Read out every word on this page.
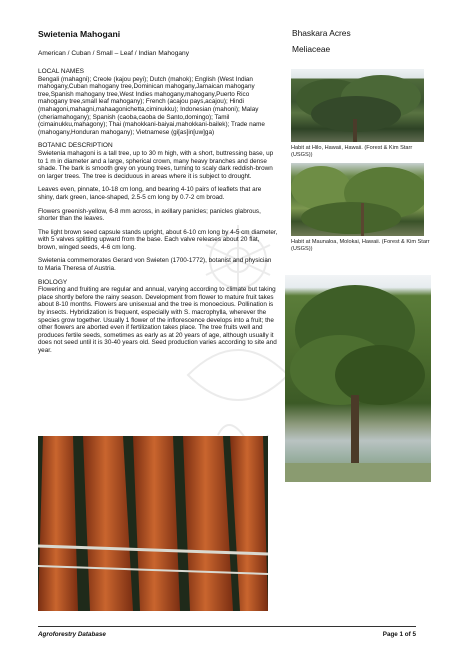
Swietenia Mahogani
American / Cuban / Small – Leaf / Indian Mahogany
Bhaskara Acres
Meliaceae
LOCAL NAMES

Bengali (mahagni); Creole (kajou peyi); Dutch (mahok); English (West Indian mahogany,Cuban mahogany tree,Dominican mahogany,Jamaican mahogany tree,Spanish mahogany tree,West Indies mahogany,mahogany,Puerto Rico mahogany tree,small leaf mahogany); French (acajou pays,acajou); Hindi (mahagoni,mahagni,mahaagonichetta,ciminukku); Indonesian (mahoni); Malay (cheriamahogany); Spanish (caoba,caoba de Santo,domingo); Tamil (cimainukku,mahagony); Thai (mahokkani-baiyai,mahokkani-bailek); Trade name (mahogany,Honduran mahogany); Vietnamese (gi[as]in[uw]ga)

BOTANIC DESCRIPTION

Swietenia mahagoni is a tall tree, up to 30 m high, with a short, buttressing base, up to 1 m in diameter and a large, spherical crown, many heavy branches and dense shade. The bark is smooth grey on young trees, turning to scaly dark reddish-brown on larger trees. The tree is deciduous in areas where it is subject to drought.

Leaves even, pinnate, 10-18 cm long, and bearing 4-10 pairs of leaflets that are shiny, dark green, lance-shaped, 2.5-5 cm long by 0.7-2 cm broad.

Flowers greenish-yellow, 6-8 mm across, in axillary panicles; panicles glabrous, shorter than the leaves.

The light brown seed capsule stands upright, about 6-10 cm long by 4-5 cm diameter, with 5 valves splitting upward from the base. Each valve releases about 20 flat, brown, winged seeds, 4-6 cm long.

Swietenia commemorates Gerard von Swieten (1700-1772), botanist and physician to Maria Theresa of Austria.

BIOLOGY

Flowering and fruiting are regular and annual, varying according to climate but taking place shortly before the rainy season. Development from flower to mature fruit takes about 8-10 months. Flowers are unisexual and the tree is monoecious. Pollination is by insects. Hybridization is frequent, especially with S. macrophylla, wherever the species grow together. Usually 1 flower of the inflorescence develops into a fruit; the other flowers are aborted even if fertilization takes place. The tree fruits well and produces fertile seeds, sometimes as early as at 20 years of age, although usually it does not seed until it is 30-40 years old. Seed production varies according to site and year.

Habit at Hilo, Hawaii, Hawaii. (Forest & Kim Starr (USGS))
Habit at Maunaloa, Molokai, Hawaii. (Forest & Kim Starr (USGS))
Agroforestry Database	Page 1 of 5
